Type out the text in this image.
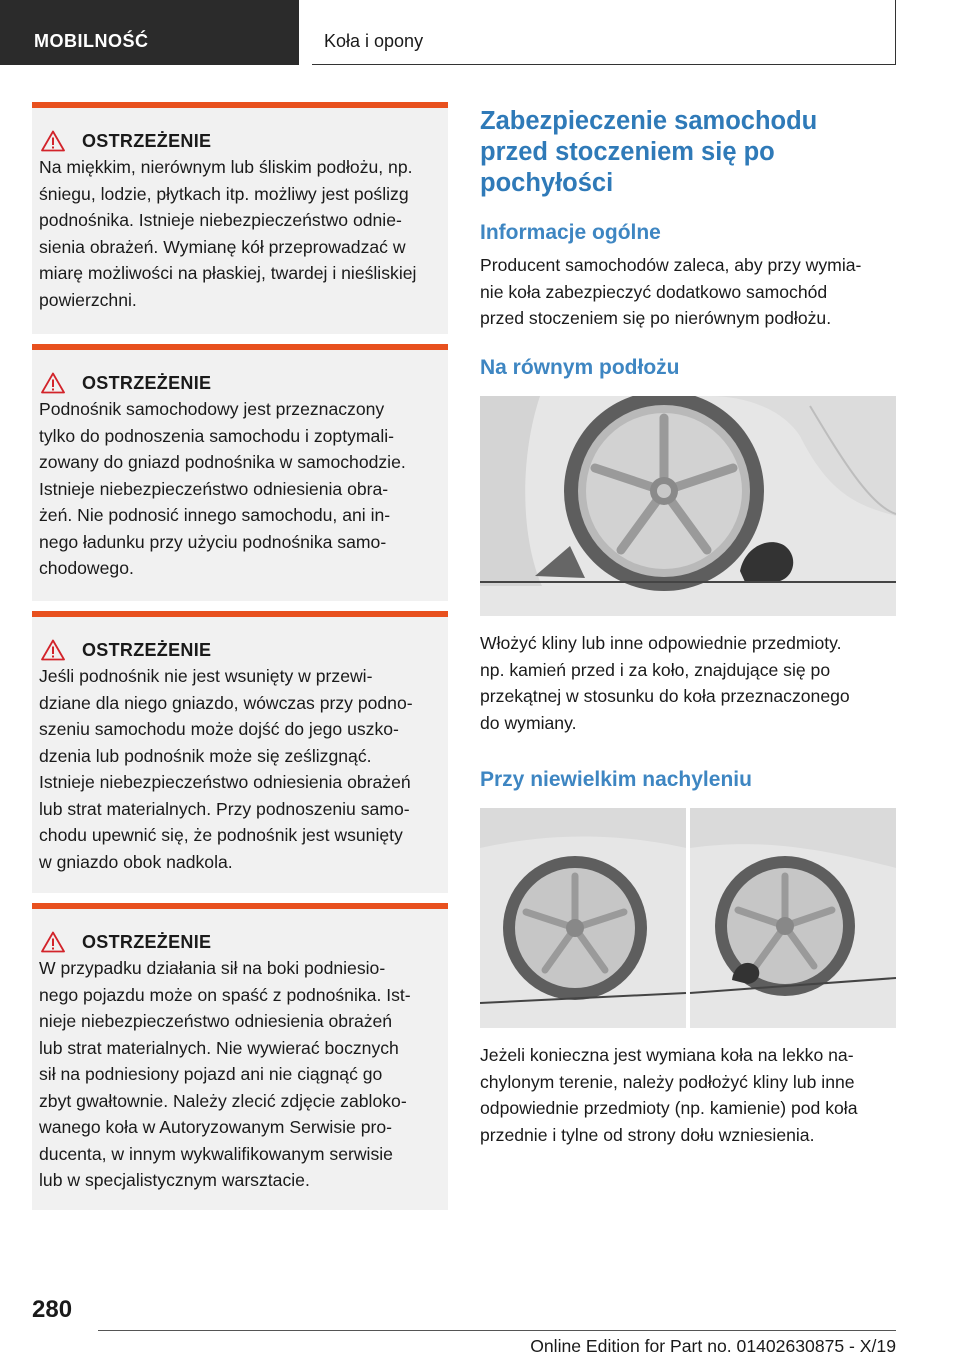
MOBILNOŚĆ	Koła i opony
OSTRZEŻENIE
Na miękkim, nierównym lub śliskim podłożu, np.
śniegu, lodzie, płytkach itp. możliwy jest poślizg
podnośnika. Istnieje niebezpieczeństwo odnie-
sienia obrażeń. Wymianę kół przeprowadzać w
miarę możliwości na płaskiej, twardej i nieśliskiej
powierzchni.
OSTRZEŻENIE
Podnośnik samochodowy jest przeznaczony
tylko do podnoszenia samochodu i zoptymali-
zowany do gniazd podnośnika w samochodzie.
Istnieje niebezpieczeństwo odniesienia obra-
żeń. Nie podnosić innego samochodu, ani in-
nego ładunku przy użyciu podnośnika samo-
chodowego.
OSTRZEŻENIE
Jeśli podnośnik nie jest wsunięty w przewi-
dziane dla niego gniazdo, wówczas przy podno-
szeniu samochodu może dojść do jego uszko-
dzenia lub podnośnik może się ześlizgnąć.
Istnieje niebezpieczeństwo odniesienia obrażeń
lub strat materialnych. Przy podnoszeniu samo-
chodu upewnić się, że podnośnik jest wsunięty
w gniazdo obok nadkola.
OSTRZEŻENIE
W przypadku działania sił na boki podniesio-
nego pojazdu może on spaść z podnośnika. Ist-
nieje niebezpieczeństwo odniesienia obrażeń
lub strat materialnych. Nie wywierać bocznych
sił na podniesiony pojazd ani nie ciągnąć go
zbyt gwałtownie. Należy zlecić zdjęcie zabloko-
wanego koła w Autoryzowanym Serwisie pro-
ducenta, w innym wykwalifikowanym serwisie
lub w specjalistycznym warsztacie.
Zabezpieczenie samochodu
przed stoczeniem się po
pochyłości
Informacje ogólne
Producent samochodów zaleca, aby przy wymia-
nie koła zabezpieczyć dodatkowo samochód
przed stoczeniem się po nierównym podłożu.
Na równym podłożu
Włożyć kliny lub inne odpowiednie przedmioty.
np. kamień przed i za koło, znajdujące się po
przekątnej w stosunku do koła przeznaczonego
do wymiany.
Przy niewielkim nachyleniu
Jeżeli konieczna jest wymiana koła na lekko na-
chylonym terenie, należy podłożyć kliny lub inne
odpowiednie przedmioty (np. kamienie) pod koła
przednie i tylne od strony dołu wzniesienia.
280
Online Edition for Part no. 01402630875 - X/19
